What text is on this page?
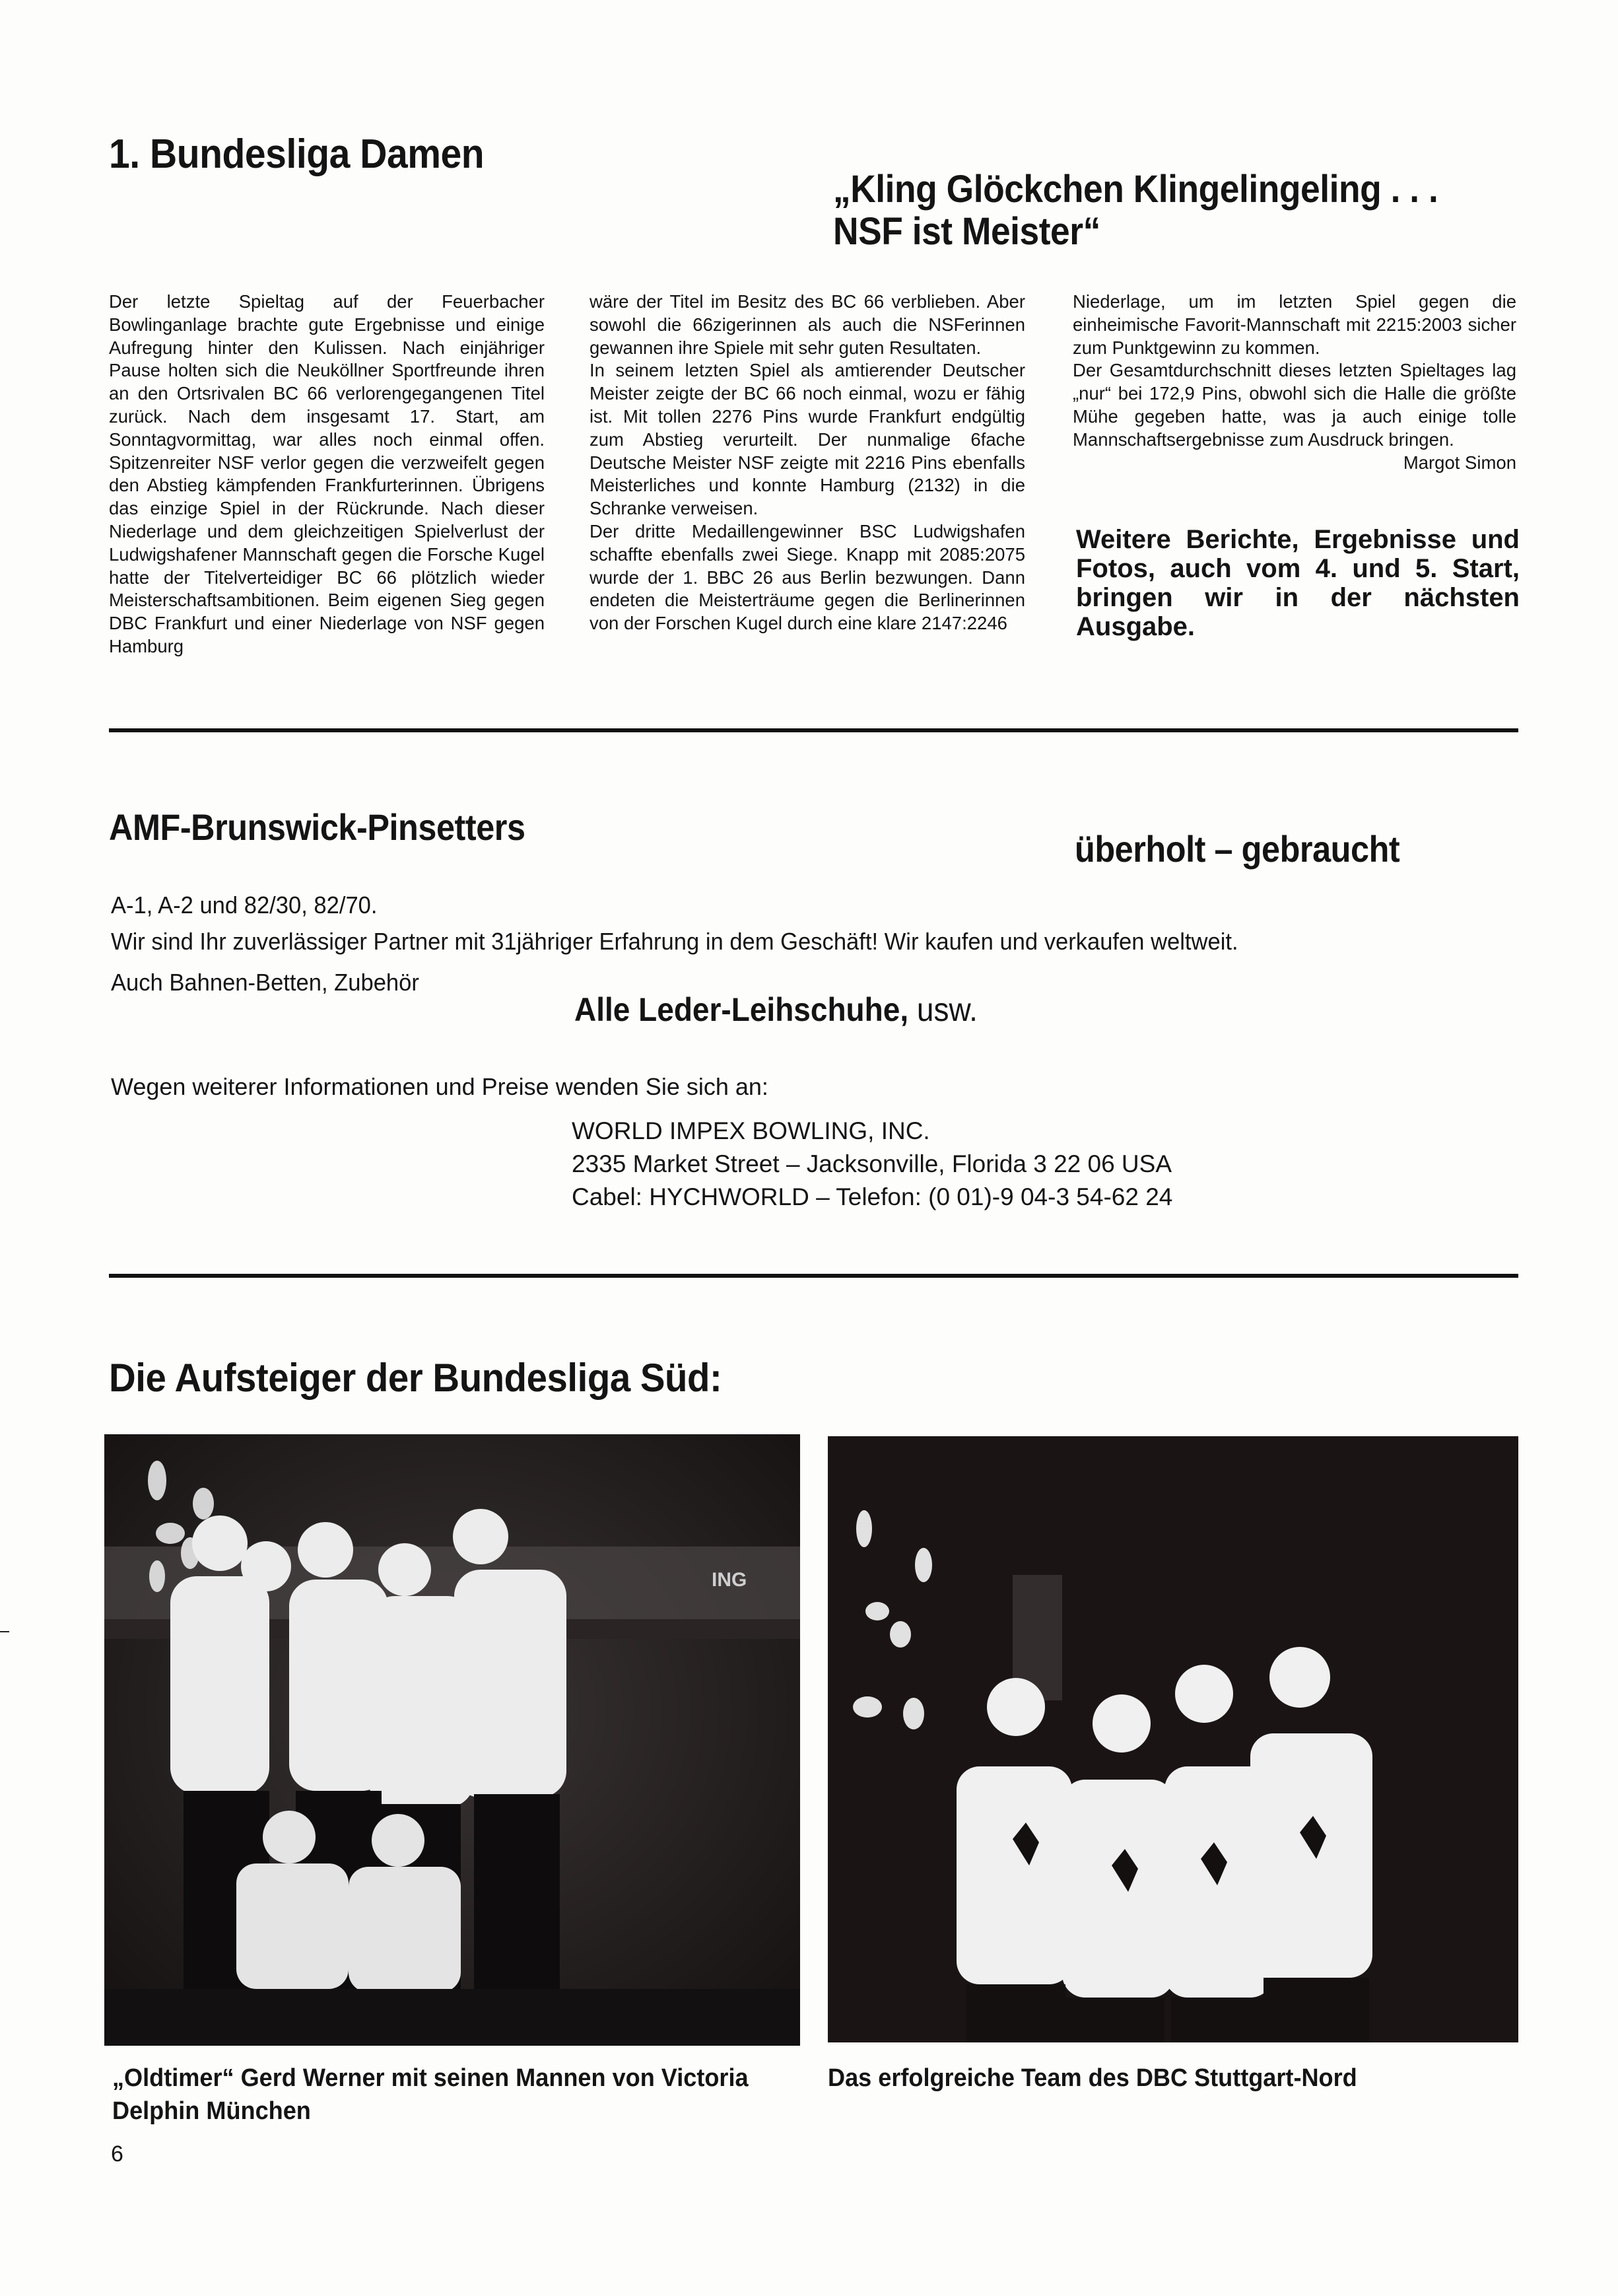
1. Bundesliga Damen
„Kling Glöckchen Klingelingeling . . .
NSF ist Meister“

Der letzte Spieltag auf der Feuerbacher Bowlinganlage brachte gute Ergebnisse und einige Aufregung hinter den Kulissen. Nach einjähriger Pause holten sich die Neuköllner Sportfreunde ihren an den Ortsrivalen BC 66 verlorengegangenen Titel zurück. Nach dem insgesamt 17. Start, am Sonntagvormittag, war alles noch einmal offen. Spitzenreiter NSF verlor gegen die verzweifelt gegen den Abstieg kämpfenden Frankfurterinnen. Übrigens das einzige Spiel in der Rückrunde. Nach dieser Niederlage und dem gleichzeitigen Spielverlust der Ludwigshafener Mannschaft gegen die Forsche Kugel hatte der Titelverteidiger BC 66 plötzlich wieder Meisterschaftsambitionen. Beim eigenen Sieg gegen DBC Frankfurt und einer Niederlage von NSF gegen Hamburg

wäre der Titel im Besitz des BC 66 verblieben. Aber sowohl die 66zigerinnen als auch die NSFerinnen gewannen ihre Spiele mit sehr guten Resultaten.

In seinem letzten Spiel als amtierender Deutscher Meister zeigte der BC 66 noch einmal, wozu er fähig ist. Mit tollen 2276 Pins wurde Frankfurt endgültig zum Abstieg verurteilt. Der nunmalige 6fache Deutsche Meister NSF zeigte mit 2216 Pins ebenfalls Meisterliches und konnte Hamburg (2132) in die Schranke verweisen.

Der dritte Medaillengewinner BSC Ludwigshafen schaffte ebenfalls zwei Siege. Knapp mit 2085:2075 wurde der 1. BBC 26 aus Berlin bezwungen. Dann endeten die Meisterträume gegen die Berlinerinnen von der Forschen Kugel durch eine klare 2147:2246

Niederlage, um im letzten Spiel gegen die einheimische Favorit-Mannschaft mit 2215:2003 sicher zum Punktgewinn zu kommen.

Der Gesamtdurchschnitt dieses letzten Spieltages lag „nur“ bei 172,9 Pins, obwohl sich die Halle die größte Mühe gegeben hatte, was ja auch einige tolle Mannschaftsergebnisse zum Ausdruck bringen.

Margot Simon

Weitere Berichte, Ergebnisse und Fotos, auch vom 4. und 5. Start, bringen wir in der nächsten Ausgabe.
AMF-Brunswick-Pinsetters
überholt – gebraucht
A-1, A-2 und 82/30, 82/70.
Wir sind Ihr zuverlässiger Partner mit 31jähriger Erfahrung in dem Geschäft! Wir kaufen und verkaufen weltweit.
Auch Bahnen-Betten, Zubehör
Alle Leder-Leihschuhe, usw.
Wegen weiterer Informationen und Preise wenden Sie sich an:
WORLD IMPEX BOWLING, INC.
2335 Market Street – Jacksonville, Florida 3 22 06 USA
Cabel: HYCHWORLD – Telefon: (0 01)-9 04-3 54-62 24
Die Aufsteiger der Bundesliga Süd:
ING
„Oldtimer“ Gerd Werner mit seinen Mannen von Victoria Delphin München
Das erfolgreiche Team des DBC Stuttgart-Nord
6
